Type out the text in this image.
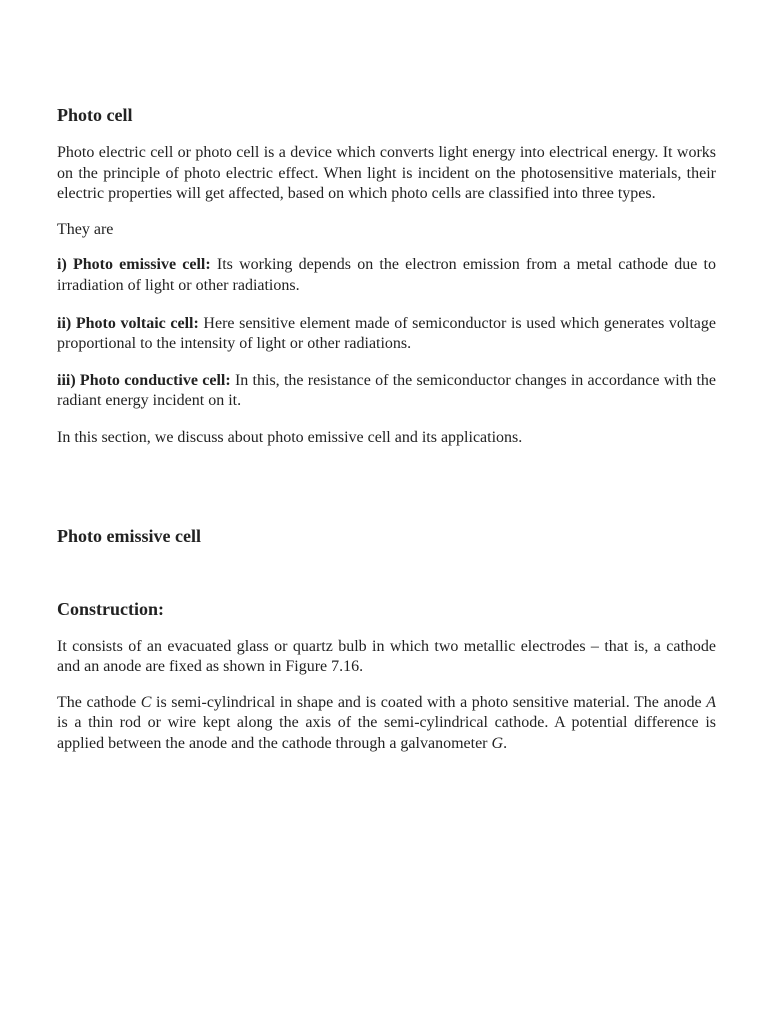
Photo cell

Photo electric cell or photo cell is a device which converts light energy into electrical energy. It works on the principle of photo electric effect. When light is incident on the photosensitive materials, their electric properties will get affected, based on which photo cells are classified into three types.

They are

i) Photo emissive cell: Its working depends on the electron emission from a metal cathode due to irradiation of light or other radiations.

ii) Photo voltaic cell: Here sensitive element made of semiconductor is used which generates voltage proportional to the intensity of light or other radiations.

iii) Photo conductive cell: In this, the resistance of the semiconductor changes in accordance with the radiant energy incident on it.

In this section, we discuss about photo emissive cell and its applications.

Photo emissive cell
Construction:

It consists of an evacuated glass or quartz bulb in which two metallic electrodes – that is, a cathode and an anode are fixed as shown in Figure 7.16.

The cathode C is semi-cylindrical in shape and is coated with a photo sensitive material. The anode A is a thin rod or wire kept along the axis of the semi-cylindrical cathode. A potential difference is applied between the anode and the cathode through a galvanometer G.
